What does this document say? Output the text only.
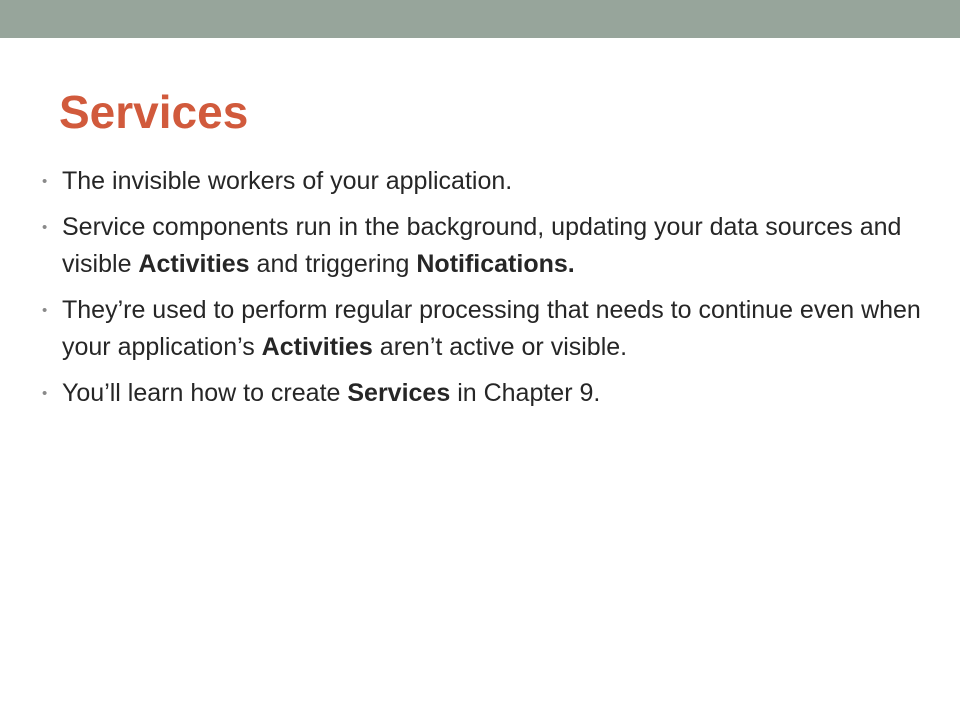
Services
• The invisible workers of your application.
• Service components run in the background, updating your data sources and visible Activities and triggering Notifications.
• They’re used to perform regular processing that needs to continue even when your application’s Activities aren’t active or visible.
• You’ll learn how to create Services in Chapter 9.
